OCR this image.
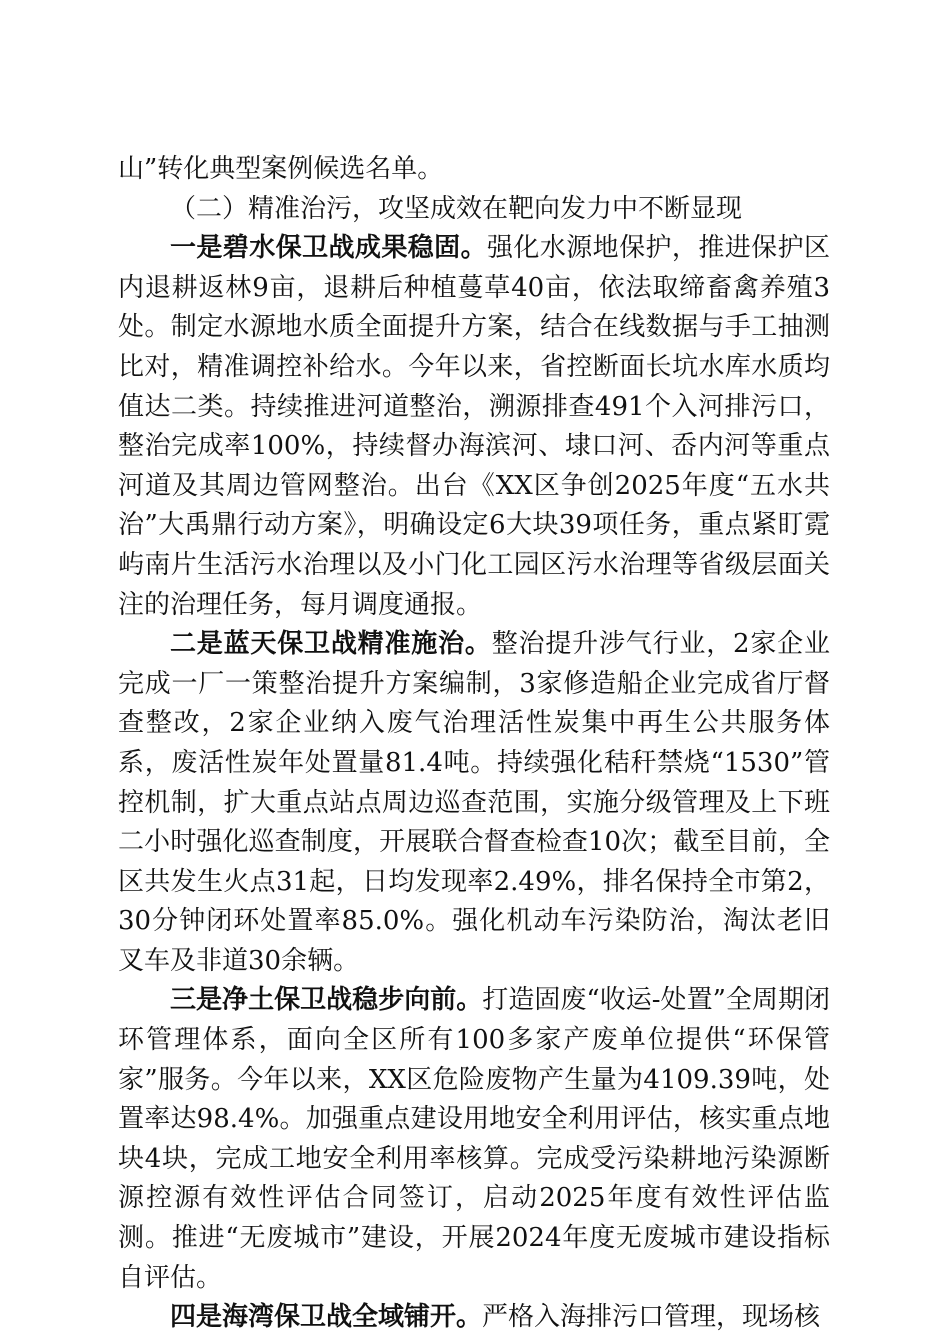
山”转化典型案例候选名单。

（二）精准治污，攻坚成效在靶向发力中不断显现

一是碧水保卫战成果稳固。强化水源地保护，推进保护区内退耕返林9亩，退耕后种植蔓草40亩，依法取缔畜禽养殖3处。制定水源地水质全面提升方案，结合在线数据与手工抽测比对，精准调控补给水。今年以来，省控断面长坑水库水质均值达二类。持续推进河道整治，溯源排查491个入河排污口，整治完成率100%，持续督办海滨河、埭口河、岙内河等重点河道及其周边管网整治。出台《XX区争创2025年度“五水共治”大禹鼎行动方案》，明确设定6大块39项任务，重点紧盯霓屿南片生活污水治理以及小门化工园区污水治理等省级层面关注的治理任务，每月调度通报。

二是蓝天保卫战精准施治。整治提升涉气行业，2家企业完成一厂一策整治提升方案编制，3家修造船企业完成省厅督查整改，2家企业纳入废气治理活性炭集中再生公共服务体系，废活性炭年处置量81.4吨。持续强化秸秆禁烧“1530”管控机制，扩大重点站点周边巡查范围，实施分级管理及上下班二小时强化巡查制度，开展联合督查检查10次；截至目前，全区共发生火点31起，日均发现率2.49%，排名保持全市第2，30分钟闭环处置率85.0%。强化机动车污染防治，淘汰老旧叉车及非道30余辆。

三是净土保卫战稳步向前。打造固废“收运-处置”全周期闭环管理体系，面向全区所有100多家产废单位提供“环保管家”服务。今年以来，XX区危险废物产生量为4109.39吨，处置率达98.4%。加强重点建设用地安全利用评估，核实重点地块4块，完成工地安全利用率核算。完成受污染耕地污染源断源控源有效性评估合同签订，启动2025年度有效性评估监测。推进“无废城市”建设，开展2024年度无废城市建设指标自评估。

四是海湾保卫战全域铺开。严格入海排污口管理，现场核
